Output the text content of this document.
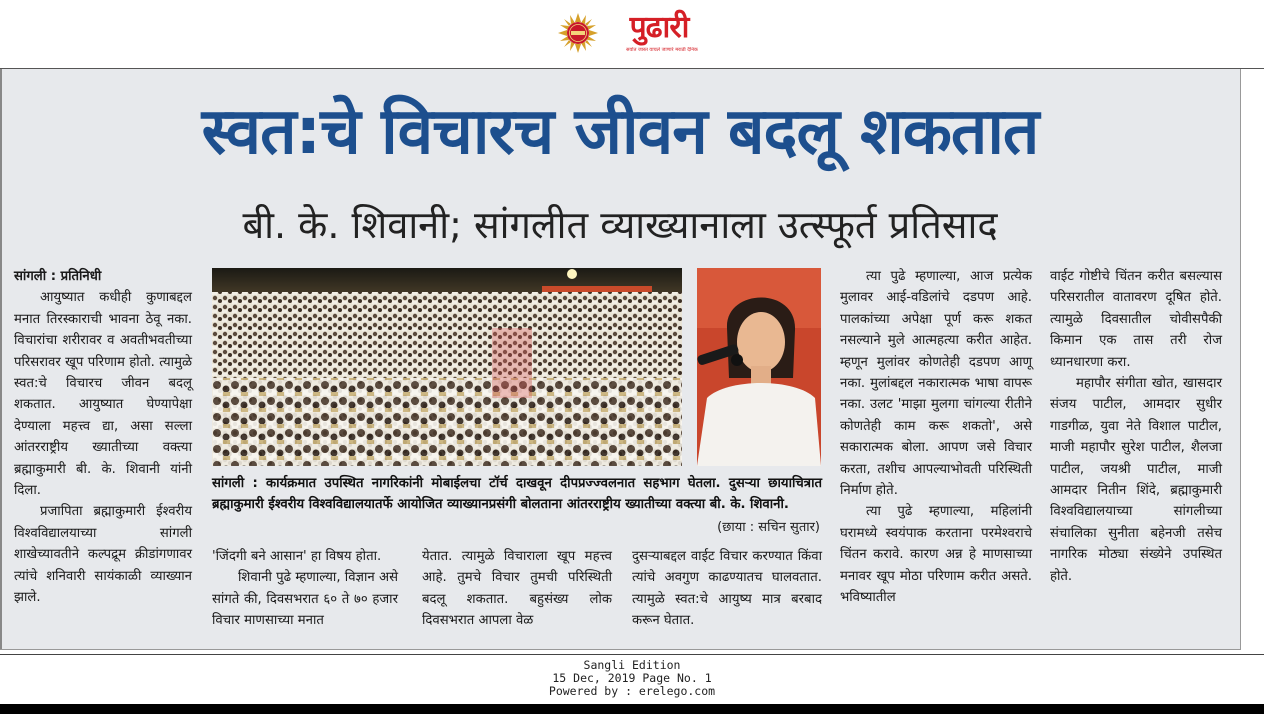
पुढारी
सर्वात जास्त वाचले जाणारे मराठी दैनिक
स्वत:चे विचारच जीवन बदलू शकतात
बी. के. शिवानी; सांगलीत व्याख्यानाला उत्स्फूर्त प्रतिसाद

सांगली : प्रतिनिधी

आयुष्यात कधीही कुणाबद्दल मनात तिरस्काराची भावना ठेवू नका. विचारांचा शरीरावर व अवतीभवतीच्या परिसरावर खूप परिणाम होतो. त्यामुळे स्वत:चे विचारच जीवन बदलू शकतात. आयुष्यात घेण्यापेक्षा देण्याला महत्त्व द्या, असा सल्ला आंतरराष्ट्रीय ख्यातीच्या वक्त्या ब्रह्माकुमारी बी. के. शिवानी यांनी दिला.

प्रजापिता ब्रह्माकुमारी ईश्वरीय विश्वविद्यालयाच्या सांगली शाखेच्यावतीने कल्पद्रूम क्रीडांगणावर त्यांचे शनिवारी सायंकाळी व्याख्यान झाले.

सांगली : कार्यक्रमात उपस्थित नागरिकांनी मोबाईलचा टॉर्च दाखवून दीपप्रज्ज्वलनात सहभाग घेतला. दुसऱ्या छायाचित्रात ब्रह्माकुमारी ईश्वरीय विश्वविद्यालयातर्फे आयोजित व्याख्यानप्रसंगी बोलताना आंतरराष्ट्रीय ख्यातीच्या वक्त्या बी. के. शिवानी.
(छाया : सचिन सुतार)

'जिंदगी बने आसान' हा विषय होता.

शिवानी पुढे म्हणाल्या, विज्ञान असे सांगते की, दिवसभरात ६० ते ७० हजार विचार माणसाच्या मनात

येतात. त्यामुळे विचाराला खूप महत्त्व आहे. तुमचे विचार तुमची परिस्थिती बदलू शकतात. बहुसंख्य लोक दिवसभरात आपला वेळ

दुसऱ्याबद्दल वाईट विचार करण्यात किंवा त्यांचे अवगुण काढण्यातच घालवतात. त्यामुळे स्वत:चे आयुष्य मात्र बरबाद करून घेतात.

त्या पुढे म्हणाल्या, आज प्रत्येक मुलावर आई-वडिलांचे दडपण आहे. पालकांच्या अपेक्षा पूर्ण करू शकत नसल्याने मुले आत्महत्या करीत आहेत. म्हणून मुलांवर कोणतेही दडपण आणू नका. मुलांबद्दल नकारात्मक भाषा वापरू नका. उलट 'माझा मुलगा चांगल्या रीतीने कोणतेही काम करू शकतो', असे सकारात्मक बोला. आपण जसे विचार करता, तशीच आपल्याभोवती परिस्थिती निर्माण होते.

त्या पुढे म्हणाल्या, महिलांनी घरामध्ये स्वयंपाक करताना परमेश्वराचे चिंतन करावे. कारण अन्न हे माणसाच्या मनावर खूप मोठा परिणाम करीत असते. भविष्यातील

वाईट गोष्टीचे चिंतन करीत बसल्यास परिसरातील वातावरण दूषित होते. त्यामुळे दिवसातील चोवीसपैकी किमान एक तास तरी रोज ध्यानधारणा करा.

महापौर संगीता खोत, खासदार संजय पाटील, आमदार सुधीर गाडगीळ, युवा नेते विशाल पाटील, माजी महापौर सुरेश पाटील, शैलजा पाटील, जयश्री पाटील, माजी आमदार नितीन शिंदे, ब्रह्माकुमारी विश्वविद्यालयाच्या सांगलीच्या संचालिका सुनीता बहेनजी तसेच नागरिक मोठ्या संख्येने उपस्थित होते.

Sangli Edition
15 Dec, 2019 Page No. 1
Powered by : erelego.com
